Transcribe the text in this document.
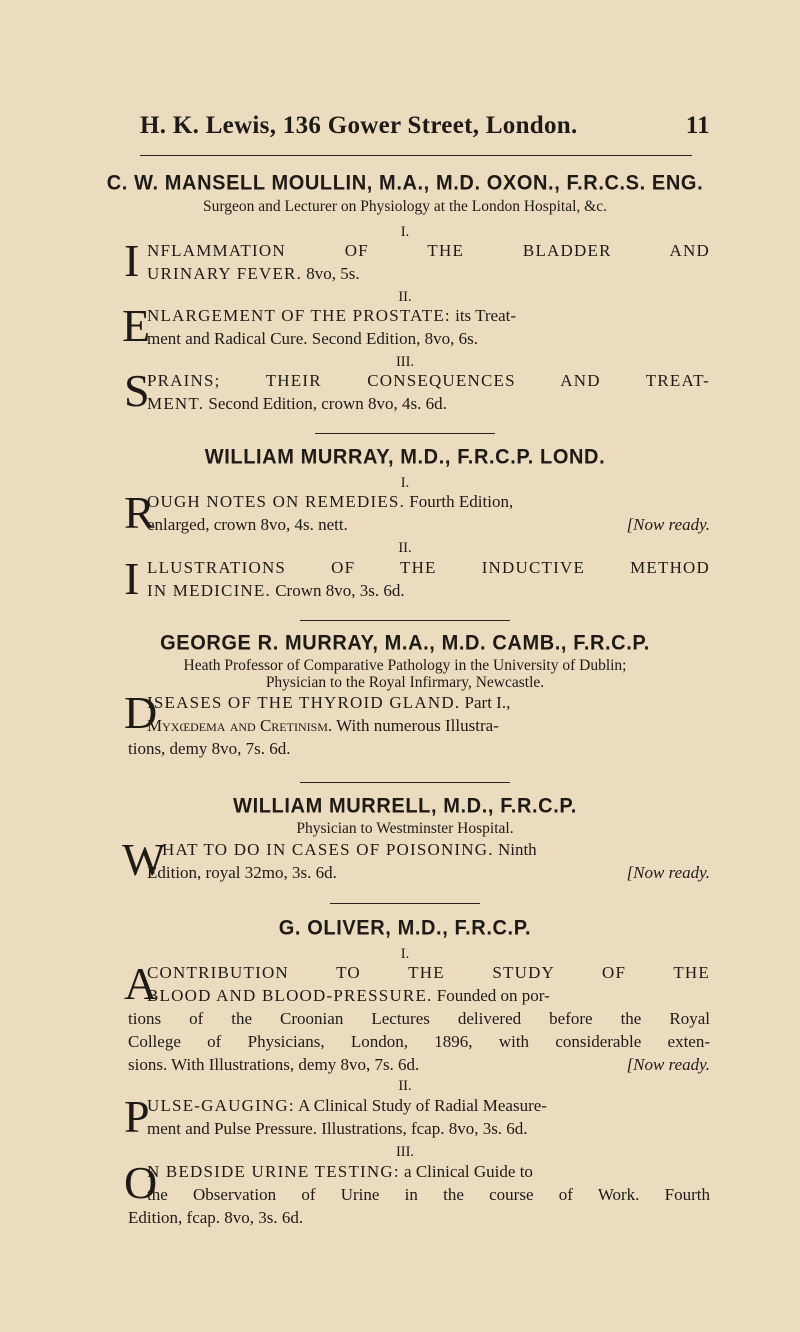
H. K. Lewis, 136 Gower Street, London.	11
C. W. MANSELL MOULLIN, M.A., M.D. OXON., F.R.C.S. ENG.
Surgeon and Lecturer on Physiology at the London Hospital, &c.
I.
I NFLAMMATION OF THE BLADDER AND
URINARY FEVER. 8vo, 5s.
II.
E
NLARGEMENT OF THE PROSTATE: its Treat-
ment and Radical Cure. Second Edition, 8vo, 6s.
III.
S
PRAINS; THEIR CONSEQUENCES AND TREAT-
MENT. Second Edition, crown 8vo, 4s. 6d.
WILLIAM MURRAY, M.D., F.R.C.P. LOND.
I.
R
OUGH NOTES ON REMEDIES. Fourth Edition,
enlarged, crown 8vo, 4s. nett.	[Now ready.
II.
I LLUSTRATIONS OF THE INDUCTIVE METHOD
IN MEDICINE. Crown 8vo, 3s. 6d.
GEORGE R. MURRAY, M.A., M.D. CAMB., F.R.C.P.
Heath Professor of Comparative Pathology in the University of Dublin;
Physician to the Royal Infirmary, Newcastle.
D
ISEASES OF THE THYROID GLAND. Part I.,
Myxœdema and Cretinism. With numerous Illustra-
tions, demy 8vo, 7s. 6d.
WILLIAM MURRELL, M.D., F.R.C.P.
Physician to Westminster Hospital.
W
HAT TO DO IN CASES OF POISONING. Ninth
Edition, royal 32mo, 3s. 6d.	[Now ready.
G. OLIVER, M.D., F.R.C.P.
I.
A
CONTRIBUTION TO THE STUDY OF THE
BLOOD AND BLOOD-PRESSURE. Founded on por-
tions of the Croonian Lectures delivered before the Royal
College of Physicians, London, 1896, with considerable exten-
sions. With Illustrations, demy 8vo, 7s. 6d.	[Now ready.
II.
P
ULSE-GAUGING: A Clinical Study of Radial Measure-
ment and Pulse Pressure. Illustrations, fcap. 8vo, 3s. 6d.
III.
O
N BEDSIDE URINE TESTING: a Clinical Guide to
the Observation of Urine in the course of Work. Fourth
Edition, fcap. 8vo, 3s. 6d.
